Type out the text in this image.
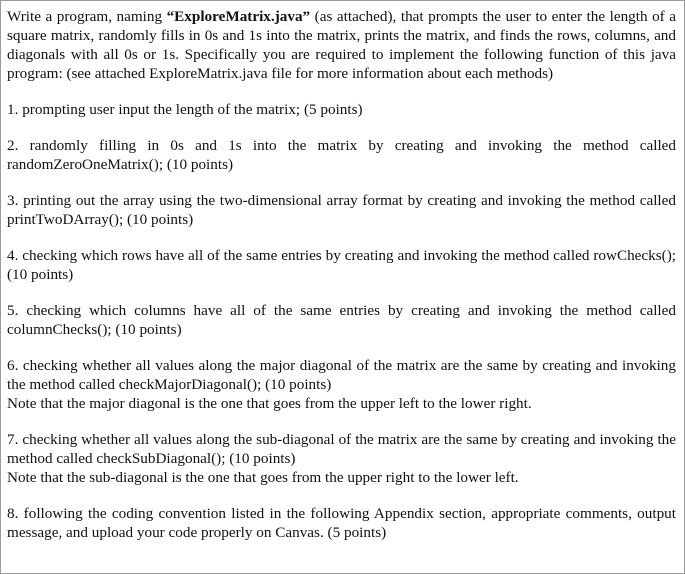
Write a program, naming “ExploreMatrix.java” (as attached), that prompts the user to enter the length of a square matrix, randomly fills in 0s and 1s into the matrix, prints the matrix, and finds the rows, columns, and diagonals with all 0s or 1s. Specifically you are required to implement the following function of this java program: (see attached ExploreMatrix.java file for more information about each methods)

1. prompting user input the length of the matrix; (5 points)

2. randomly filling in 0s and 1s into the matrix by creating and invoking the method called randomZeroOneMatrix(); (10 points)

3. printing out the array using the two-dimensional array format by creating and invoking the method called printTwoDArray(); (10 points)

4. checking which rows have all of the same entries by creating and invoking the method called rowChecks(); (10 points)

5. checking which columns have all of the same entries by creating and invoking the method called columnChecks(); (10 points)

6. checking whether all values along the major diagonal of the matrix are the same by creating and invoking the method called checkMajorDiagonal(); (10 points)

Note that the major diagonal is the one that goes from the upper left to the lower right.

7. checking whether all values along the sub-diagonal of the matrix are the same by creating and invoking the method called checkSubDiagonal(); (10 points)

Note that the sub-diagonal is the one that goes from the upper right to the lower left.

8. following the coding convention listed in the following Appendix section, appropriate comments, output message, and upload your code properly on Canvas. (5 points)
